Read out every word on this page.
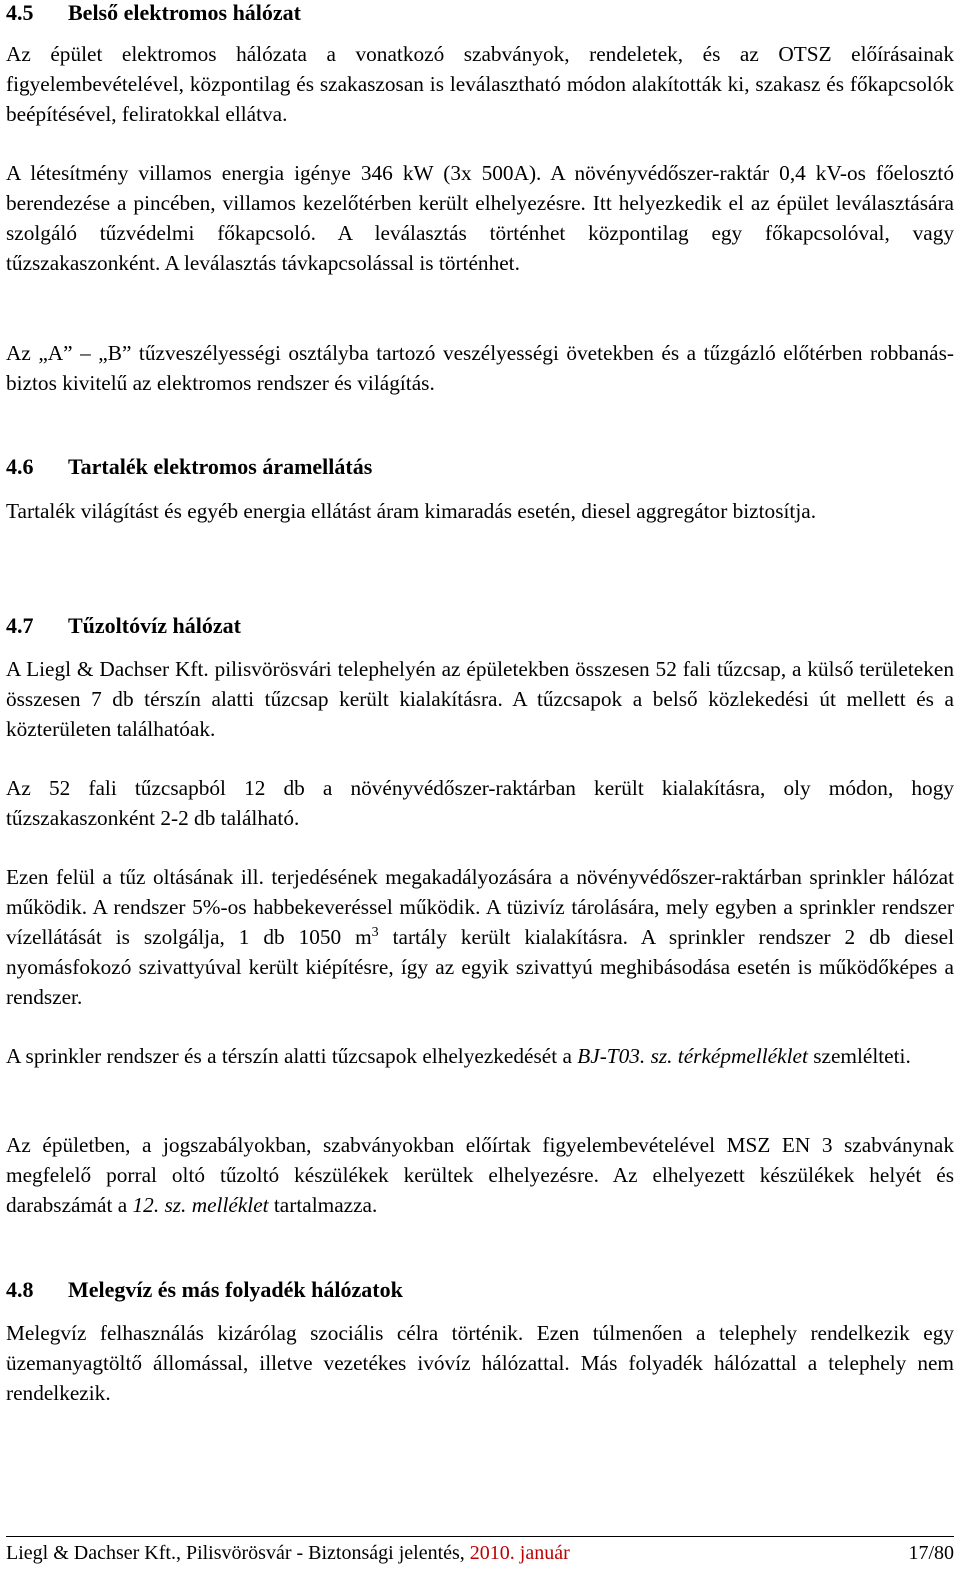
4.5 Belső elektromos hálózat

Az épület elektromos hálózata a vonatkozó szabványok, rendeletek, és az OTSZ előírásainak figyelembevételével, központilag és szakaszosan is leválasztható módon alakították ki, szakasz és főkapcsolók beépítésével, feliratokkal ellátva.

A létesítmény villamos energia igénye 346 kW (3x 500A). A növényvédőszer-raktár 0,4 kV-os főelosztó berendezése a pincében, villamos kezelőtérben került elhelyezésre. Itt helyezkedik el az épület leválasztására szolgáló tűzvédelmi főkapcsoló. A leválasztás történhet központilag egy főkapcsolóval, vagy tűzszakaszonként. A leválasztás távkapcsolással is történhet.

Az „A” – „B” tűzveszélyességi osztályba tartozó veszélyességi övetekben és a tűzgázló előtérben robbanás-biztos kivitelű az elektromos rendszer és világítás.

4.6 Tartalék elektromos áramellátás

Tartalék világítást és egyéb energia ellátást áram kimaradás esetén, diesel aggregátor biztosítja.

4.7 Tűzoltóvíz hálózat

A Liegl & Dachser Kft. pilisvörösvári telephelyén az épületekben összesen 52 fali tűzcsap, a külső területeken összesen 7 db térszín alatti tűzcsap került kialakításra. A tűzcsapok a belső közlekedési út mellett és a közterületen találhatóak.

Az 52 fali tűzcsapból 12 db a növényvédőszer-raktárban került kialakításra, oly módon, hogy tűzszakaszonként 2-2 db található.

Ezen felül a tűz oltásának ill. terjedésének megakadályozására a növényvédőszer-raktárban sprinkler hálózat működik. A rendszer 5%-os habbekeveréssel működik. A tüzivíz tárolására, mely egyben a sprinkler rendszer vízellátását is szolgálja, 1 db 1050 $m^3$ tartály került kialakításra. A sprinkler rendszer 2 db diesel nyomásfokozó szivattyúval került kiépítésre, így az egyik szivattyú meghibásodása esetén is működőképes a rendszer.

A sprinkler rendszer és a térszín alatti tűzcsapok elhelyezkedését a BJ-T03. sz. térképmelléklet szemlélteti.

Az épületben, a jogszabályokban, szabványokban előírtak figyelembevételével MSZ EN 3 szabványnak megfelelő porral oltó tűzoltó készülékek kerültek elhelyezésre. Az elhelyezett készülékek helyét és darabszámát a 12. sz. melléklet tartalmazza.

4.8 Melegvíz és más folyadék hálózatok

Melegvíz felhasználás kizárólag szociális célra történik. Ezen túlmenően a telephely rendelkezik egy üzemanyagtöltő állomással, illetve vezetékes ivóvíz hálózattal. Más folyadék hálózattal a telephely nem rendelkezik.

Liegl & Dachser Kft., Pilisvörösvár - Biztonsági jelentés, 2010. január	17/80
